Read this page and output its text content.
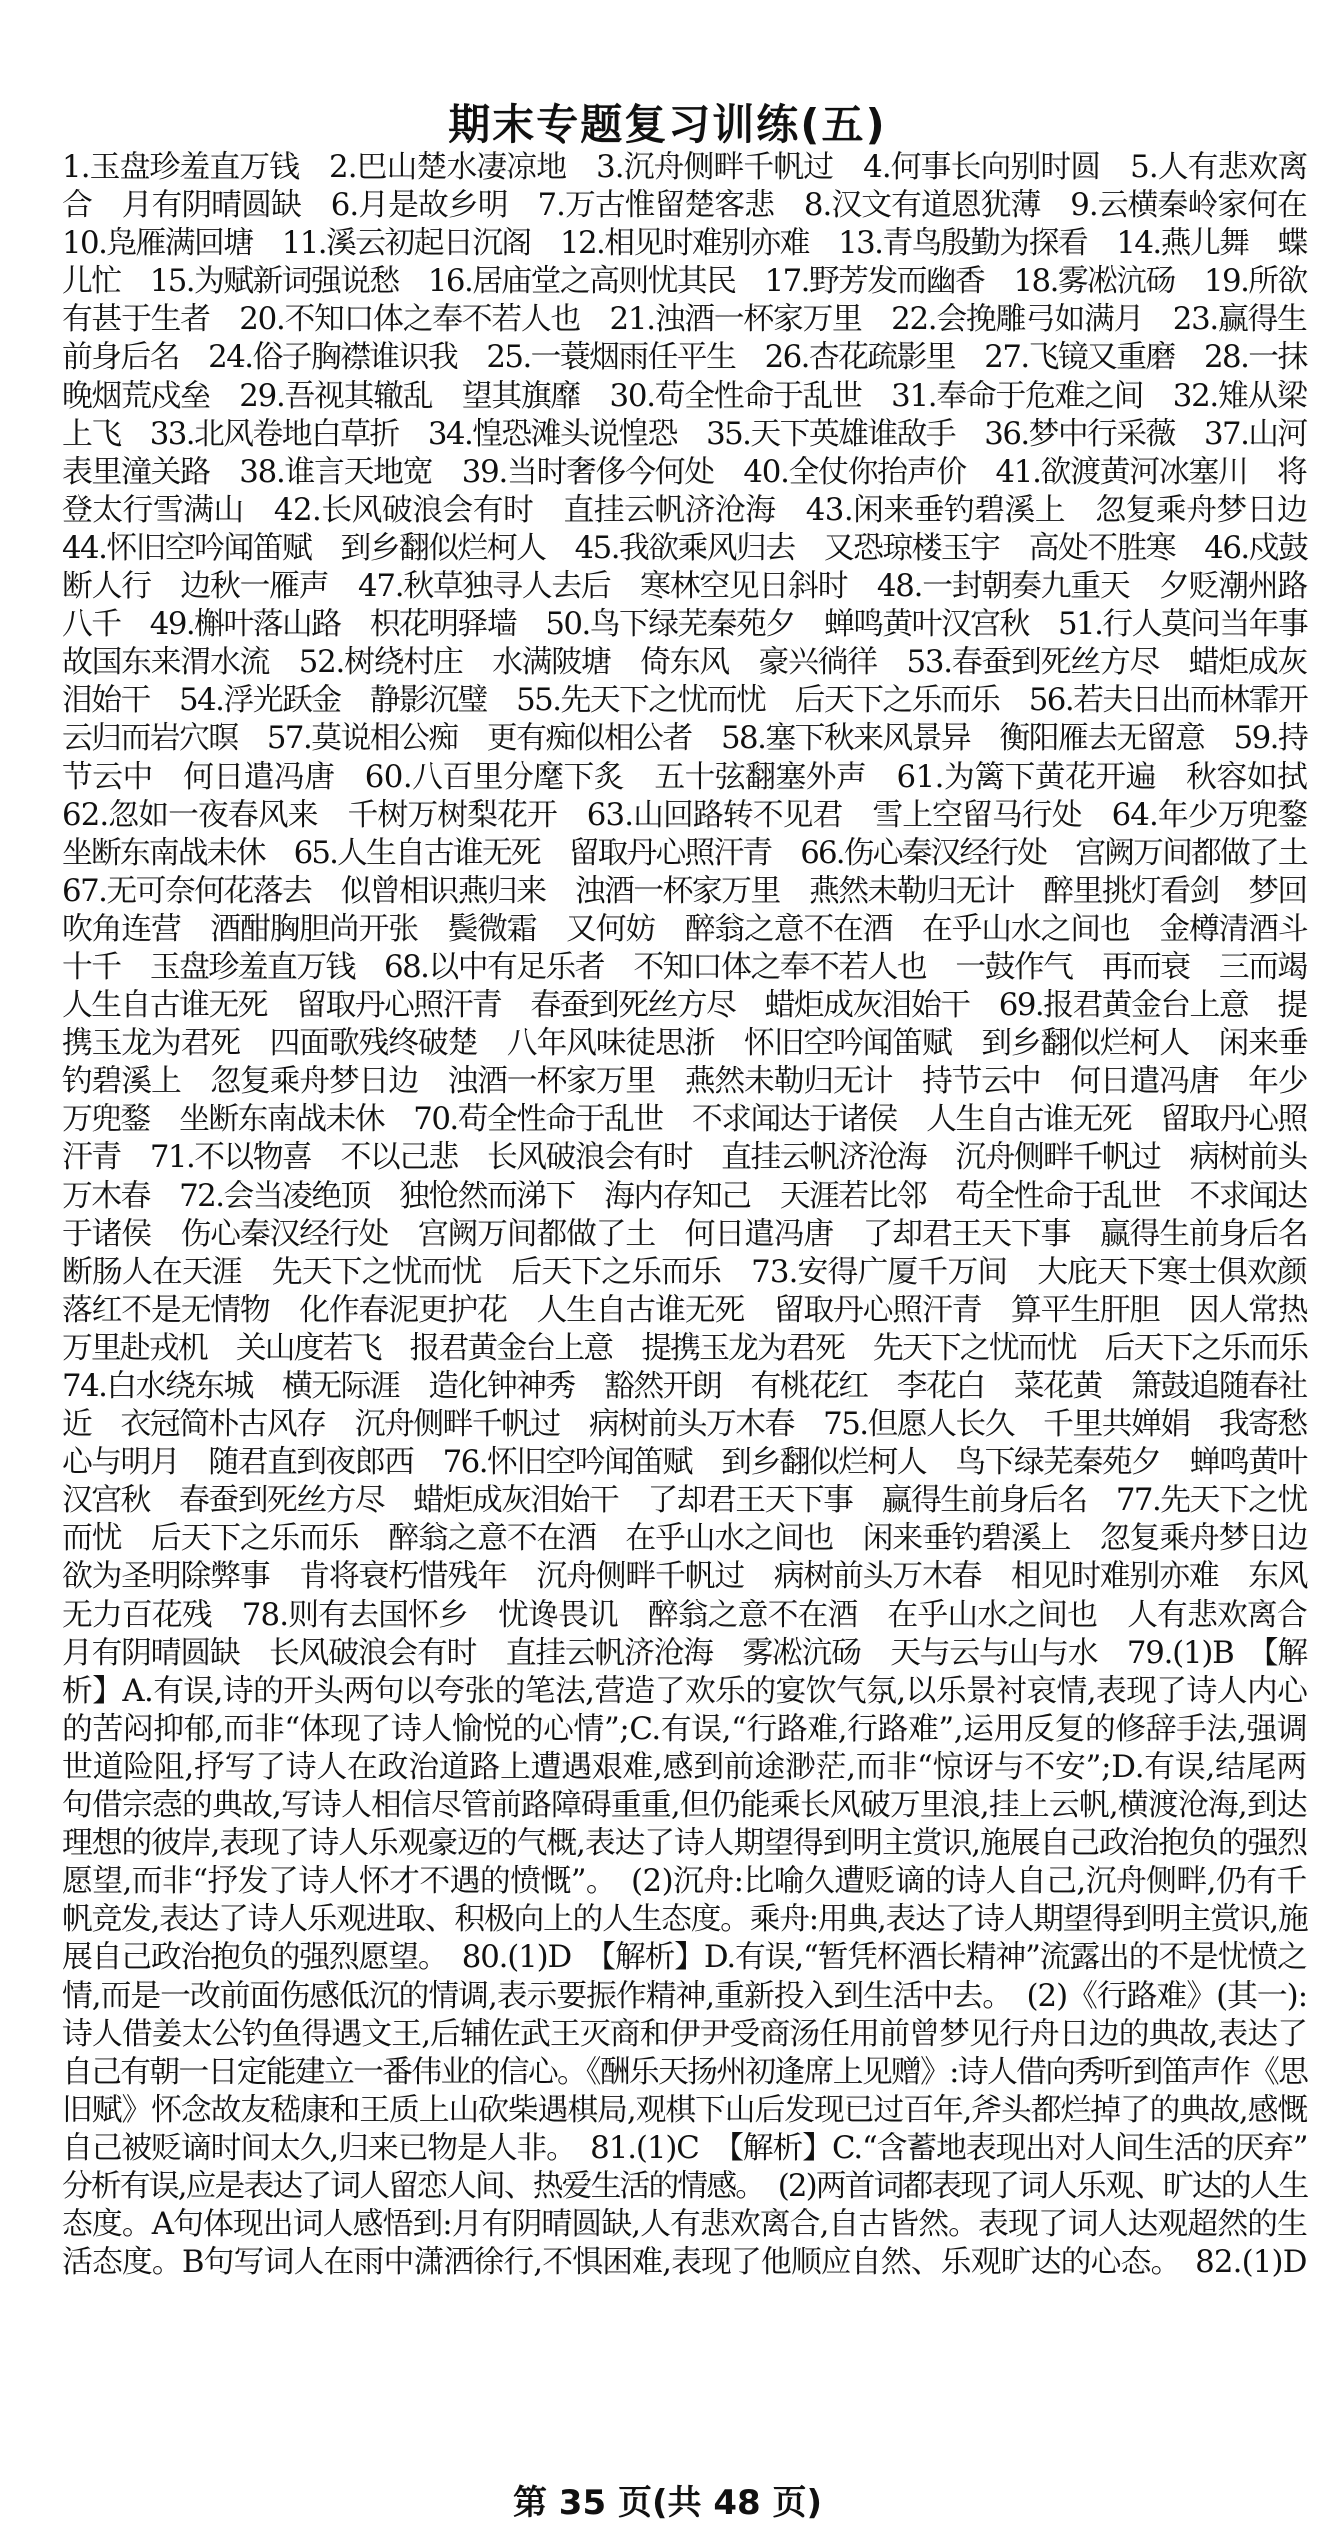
期末专题复习训练(五)
1.玉盘珍羞直万钱　2.巴山楚水凄凉地　3.沉舟侧畔千帆过　4.何事长向别时圆　5.人有悲欢离
合　月有阴晴圆缺　6.月是故乡明　7.万古惟留楚客悲　8.汉文有道恩犹薄　9.云横秦岭家何在
10.凫雁满回塘　11.溪云初起日沉阁　12.相见时难别亦难　13.青鸟殷勤为探看　14.燕儿舞　蝶
儿忙　15.为赋新词强说愁　16.居庙堂之高则忧其民　17.野芳发而幽香　18.雾凇沆砀　19.所欲
有甚于生者　20.不知口体之奉不若人也　21.浊酒一杯家万里　22.会挽雕弓如满月　23.赢得生
前身后名　24.俗子胸襟谁识我　25.一蓑烟雨任平生　26.杏花疏影里　27.飞镜又重磨　28.一抹
晚烟荒戍垒　29.吾视其辙乱　望其旗靡　30.苟全性命于乱世　31.奉命于危难之间　32.雉从梁
上飞　33.北风卷地白草折　34.惶恐滩头说惶恐　35.天下英雄谁敌手　36.梦中行采薇　37.山河
表里潼关路　38.谁言天地宽　39.当时奢侈今何处　40.全仗你抬声价　41.欲渡黄河冰塞川　将
登太行雪满山　42.长风破浪会有时　直挂云帆济沧海　43.闲来垂钓碧溪上　忽复乘舟梦日边
44.怀旧空吟闻笛赋　到乡翻似烂柯人　45.我欲乘风归去　又恐琼楼玉宇　高处不胜寒　46.戍鼓
断人行　边秋一雁声　47.秋草独寻人去后　寒林空见日斜时　48.一封朝奏九重天　夕贬潮州路
八千　49.槲叶落山路　枳花明驿墙　50.鸟下绿芜秦苑夕　蝉鸣黄叶汉宫秋　51.行人莫问当年事
故国东来渭水流　52.树绕村庄　水满陂塘　倚东风　豪兴徜徉　53.春蚕到死丝方尽　蜡炬成灰
泪始干　54.浮光跃金　静影沉璧　55.先天下之忧而忧　后天下之乐而乐　56.若夫日出而林霏开
云归而岩穴暝　57.莫说相公痴　更有痴似相公者　58.塞下秋来风景异　衡阳雁去无留意　59.持
节云中　何日遣冯唐　60.八百里分麾下炙　五十弦翻塞外声　61.为篱下黄花开遍　秋容如拭
62.忽如一夜春风来　千树万树梨花开　63.山回路转不见君　雪上空留马行处　64.年少万兜鍪
坐断东南战未休　65.人生自古谁无死　留取丹心照汗青　66.伤心秦汉经行处　宫阙万间都做了土
67.无可奈何花落去　似曾相识燕归来　浊酒一杯家万里　燕然未勒归无计　醉里挑灯看剑　梦回
吹角连营　酒酣胸胆尚开张　鬓微霜　又何妨　醉翁之意不在酒　在乎山水之间也　金樽清酒斗
十千　玉盘珍羞直万钱　68.以中有足乐者　不知口体之奉不若人也　一鼓作气　再而衰　三而竭
人生自古谁无死　留取丹心照汗青　春蚕到死丝方尽　蜡炬成灰泪始干　69.报君黄金台上意　提
携玉龙为君死　四面歌残终破楚　八年风味徒思浙　怀旧空吟闻笛赋　到乡翻似烂柯人　闲来垂
钓碧溪上　忽复乘舟梦日边　浊酒一杯家万里　燕然未勒归无计　持节云中　何日遣冯唐　年少
万兜鍪　坐断东南战未休　70.苟全性命于乱世　不求闻达于诸侯　人生自古谁无死　留取丹心照
汗青　71.不以物喜　不以己悲　长风破浪会有时　直挂云帆济沧海　沉舟侧畔千帆过　病树前头
万木春　72.会当凌绝顶　独怆然而涕下　海内存知己　天涯若比邻　苟全性命于乱世　不求闻达
于诸侯　伤心秦汉经行处　宫阙万间都做了土　何日遣冯唐　了却君王天下事　赢得生前身后名
断肠人在天涯　先天下之忧而忧　后天下之乐而乐　73.安得广厦千万间　大庇天下寒士俱欢颜
落红不是无情物　化作春泥更护花　人生自古谁无死　留取丹心照汗青　算平生肝胆　因人常热
万里赴戎机　关山度若飞　报君黄金台上意　提携玉龙为君死　先天下之忧而忧　后天下之乐而乐
74.白水绕东城　横无际涯　造化钟神秀　豁然开朗　有桃花红　李花白　菜花黄　箫鼓追随春社
近　衣冠简朴古风存　沉舟侧畔千帆过　病树前头万木春　75.但愿人长久　千里共婵娟　我寄愁
心与明月　随君直到夜郎西　76.怀旧空吟闻笛赋　到乡翻似烂柯人　鸟下绿芜秦苑夕　蝉鸣黄叶
汉宫秋　春蚕到死丝方尽　蜡炬成灰泪始干　了却君王天下事　赢得生前身后名　77.先天下之忧
而忧　后天下之乐而乐　醉翁之意不在酒　在乎山水之间也　闲来垂钓碧溪上　忽复乘舟梦日边
欲为圣明除弊事　肯将衰朽惜残年　沉舟侧畔千帆过　病树前头万木春　相见时难别亦难　东风
无力百花残　78.则有去国怀乡　忧谗畏讥　醉翁之意不在酒　在乎山水之间也　人有悲欢离合
月有阴晴圆缺　长风破浪会有时　直挂云帆济沧海　雾凇沆砀　天与云与山与水　79.(1)B　【解
析】A.有误,诗的开头两句以夸张的笔法,营造了欢乐的宴饮气氛,以乐景衬哀情,表现了诗人内心
的苦闷抑郁,而非“体现了诗人愉悦的心情”;C.有误,“行路难,行路难”,运用反复的修辞手法,强调
世道险阻,抒写了诗人在政治道路上遭遇艰难,感到前途渺茫,而非“惊讶与不安”;D.有误,结尾两
句借宗悫的典故,写诗人相信尽管前路障碍重重,但仍能乘长风破万里浪,挂上云帆,横渡沧海,到达
理想的彼岸,表现了诗人乐观豪迈的气概,表达了诗人期望得到明主赏识,施展自己政治抱负的强烈
愿望,而非“抒发了诗人怀才不遇的愤慨”。　(2)沉舟:比喻久遭贬谪的诗人自己,沉舟侧畔,仍有千
帆竞发,表达了诗人乐观进取、积极向上的人生态度。乘舟:用典,表达了诗人期望得到明主赏识,施
展自己政治抱负的强烈愿望。　80.(1)D　【解析】D.有误,“暂凭杯酒长精神”流露出的不是忧愤之
情,而是一改前面伤感低沉的情调,表示要振作精神,重新投入到生活中去。　(2)《行路难》(其一):
诗人借姜太公钓鱼得遇文王,后辅佐武王灭商和伊尹受商汤任用前曾梦见行舟日边的典故,表达了
自己有朝一日定能建立一番伟业的信心。《酬乐天扬州初逢席上见赠》:诗人借向秀听到笛声作《思
旧赋》怀念故友嵇康和王质上山砍柴遇棋局,观棋下山后发现已过百年,斧头都烂掉了的典故,感慨
自己被贬谪时间太久,归来已物是人非。　81.(1)C　【解析】C.“含蓄地表现出对人间生活的厌弃”
分析有误,应是表达了词人留恋人间、热爱生活的情感。　(2)两首词都表现了词人乐观、旷达的人生
态度。A句体现出词人感悟到:月有阴晴圆缺,人有悲欢离合,自古皆然。表现了词人达观超然的生
活态度。B句写词人在雨中潇洒徐行,不惧困难,表现了他顺应自然、乐观旷达的心态。　82.(1)D
第 35 页(共 48 页)
